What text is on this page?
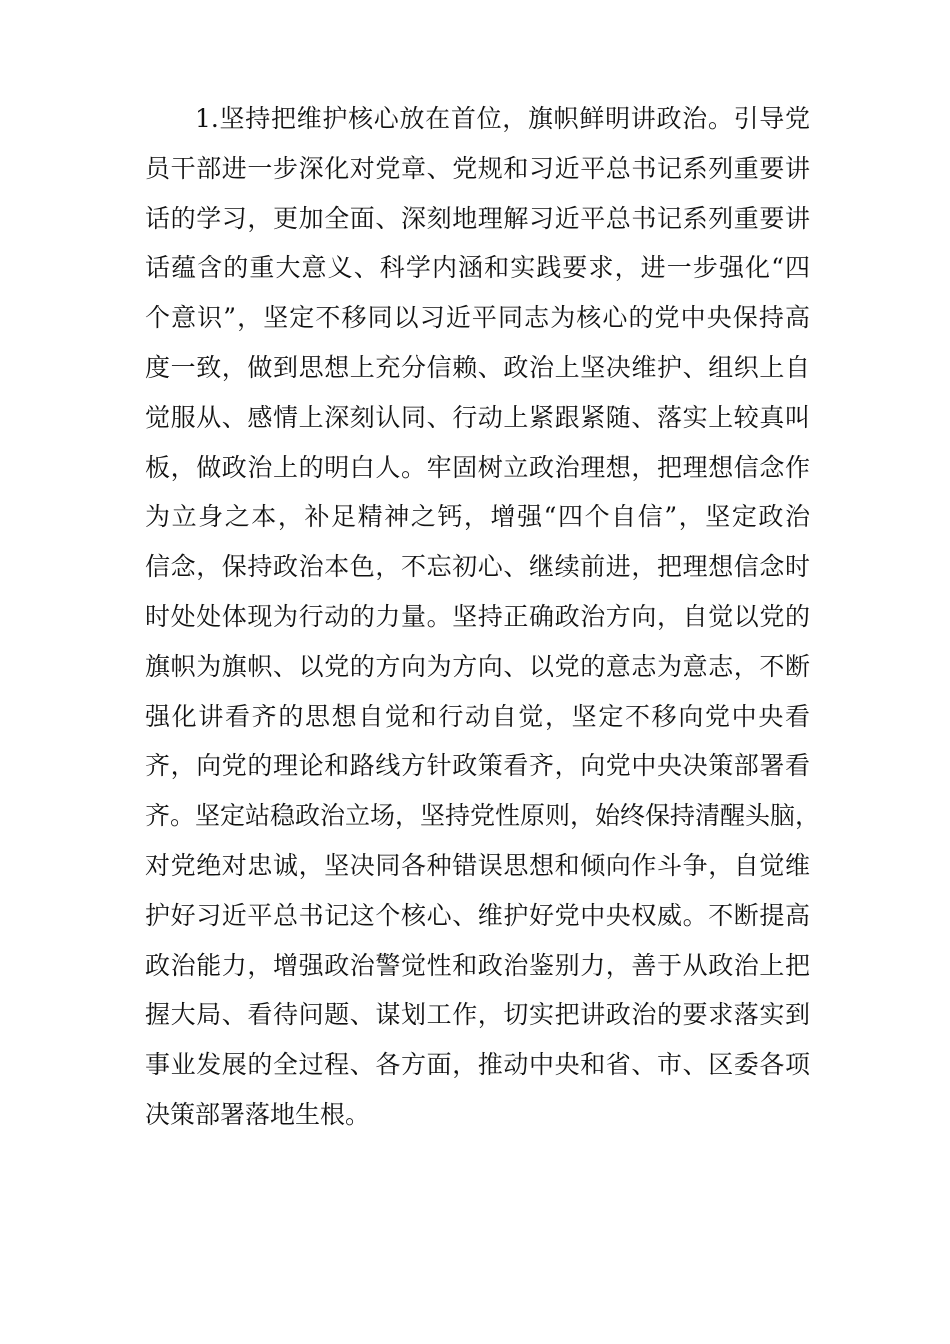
1.坚持把维护核心放在首位，旗帜鲜明讲政治。引导党
员干部进一步深化对党章、党规和习近平总书记系列重要讲
话的学习，更加全面、深刻地理解习近平总书记系列重要讲
话蕴含的重大意义、科学内涵和实践要求，进一步强化“四
个意识”，坚定不移同以习近平同志为核心的党中央保持高
度一致，做到思想上充分信赖、政治上坚决维护、组织上自
觉服从、感情上深刻认同、行动上紧跟紧随、落实上较真叫
板，做政治上的明白人。牢固树立政治理想，把理想信念作
为立身之本，补足精神之钙，增强“四个自信”，坚定政治
信念，保持政治本色，不忘初心、继续前进，把理想信念时
时处处体现为行动的力量。坚持正确政治方向，自觉以党的
旗帜为旗帜、以党的方向为方向、以党的意志为意志，不断
强化讲看齐的思想自觉和行动自觉，坚定不移向党中央看
齐，向党的理论和路线方针政策看齐，向党中央决策部署看
齐。坚定站稳政治立场，坚持党性原则，始终保持清醒头脑，
对党绝对忠诚，坚决同各种错误思想和倾向作斗争，自觉维
护好习近平总书记这个核心、维护好党中央权威。不断提高
政治能力，增强政治警觉性和政治鉴别力，善于从政治上把
握大局、看待问题、谋划工作，切实把讲政治的要求落实到
事业发展的全过程、各方面，推动中央和省、市、区委各项
决策部署落地生根。
